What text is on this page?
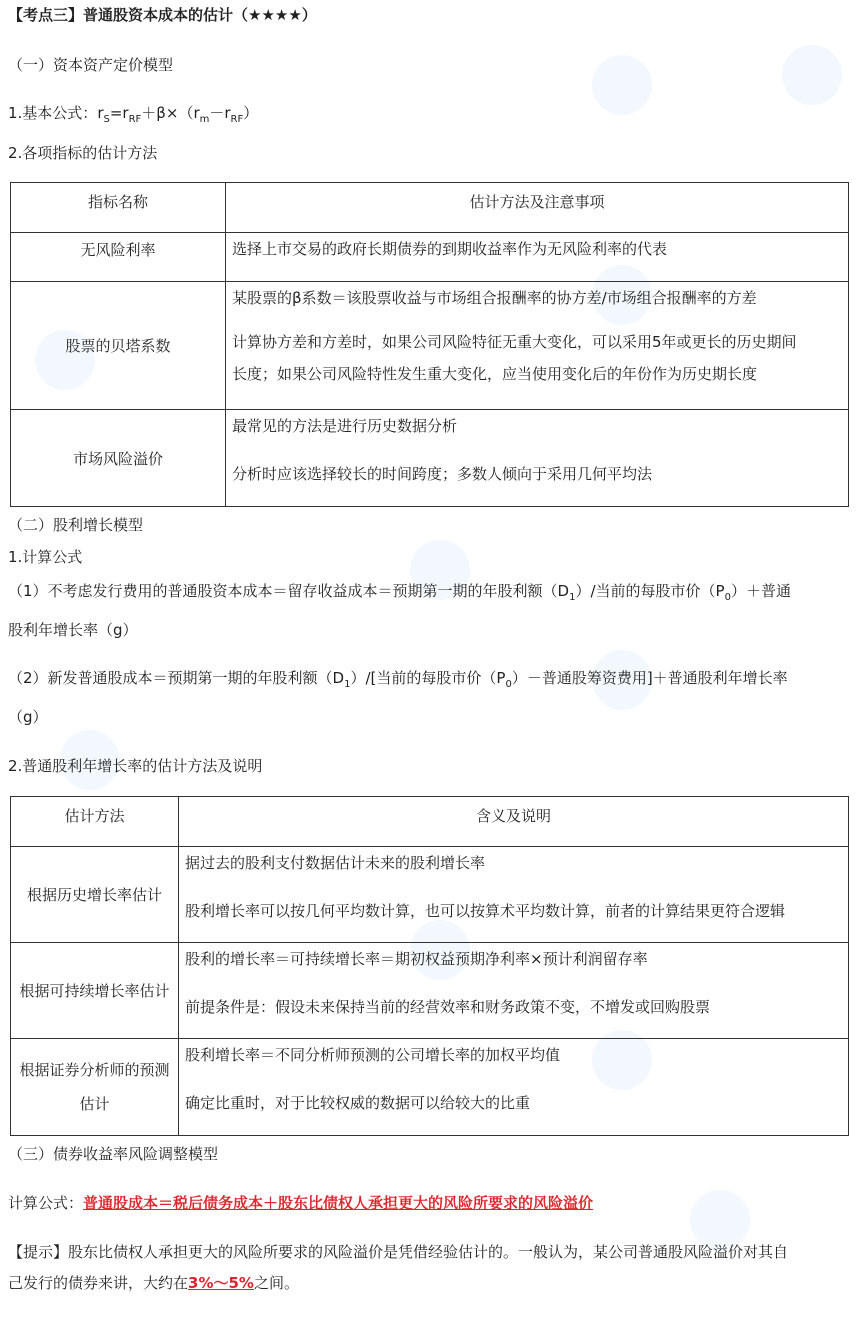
【考点三】普通股资本成本的估计（★★★★）
（一）资本资产定价模型
1.基本公式：$r_S=r_{RF}+\beta\times(r_m-r_{RF})$
2.各项指标的估计方法
指标名称	估计方法及注意事项
无风险利率	选择上市交易的政府长期债券的到期收益率作为无风险利率的代表

股票的贝塔系数	某股票的β系数＝该股票收益与市场组合报酬率的协方差/市场组合报酬率的方差
计算协方差和方差时，如果公司风险特征无重大变化，可以采用5年或更长的历史期间
长度；如果公司风险特性发生重大变化，应当使用变化后的年份作为历史期长度

市场风险溢价	最常见的方法是进行历史数据分析
分析时应该选择较长的时间跨度；多数人倾向于采用几何平均法
（二）股利增长模型
1.计算公式
（1）不考虑发行费用的普通股资本成本＝留存收益成本＝预期第一期的年股利额$(D_1)/$当前的每股市价$(P_0)+$普通
股利年增长率（g）
（2）新发普通股成本＝预期第一期的年股利额$(D_1)/$[当前的每股市价$(P_0)-$普通股筹资费用]＋普通股利年增长率
（g）
2.普通股利年增长率的估计方法及说明
估计方法	含义及说明
根据历史增长率估计	据过去的股利支付数据估计未来的股利增长率
股利增长率可以按几何平均数计算，也可以按算术平均数计算，前者的计算结果更符合逻辑

根据可持续增长率估计	股利的增长率＝可持续增长率＝期初权益预期净利率×预计利润留存率
前提条件是：假设未来保持当前的经营效率和财务政策不变，不增发或回购股票

根据证券分析师的预测估计	股利增长率＝不同分析师预测的公司增长率的加权平均值
确定比重时，对于比较权威的数据可以给较大的比重
（三）债券收益率风险调整模型
计算公式：普通股成本＝税后债务成本＋股东比债权人承担更大的风险所要求的风险溢价
【提示】股东比债权人承担更大的风险所要求的风险溢价是凭借经验估计的。一般认为，某公司普通股风险溢价对其自
己发行的债券来讲，大约在3%～5%之间。
